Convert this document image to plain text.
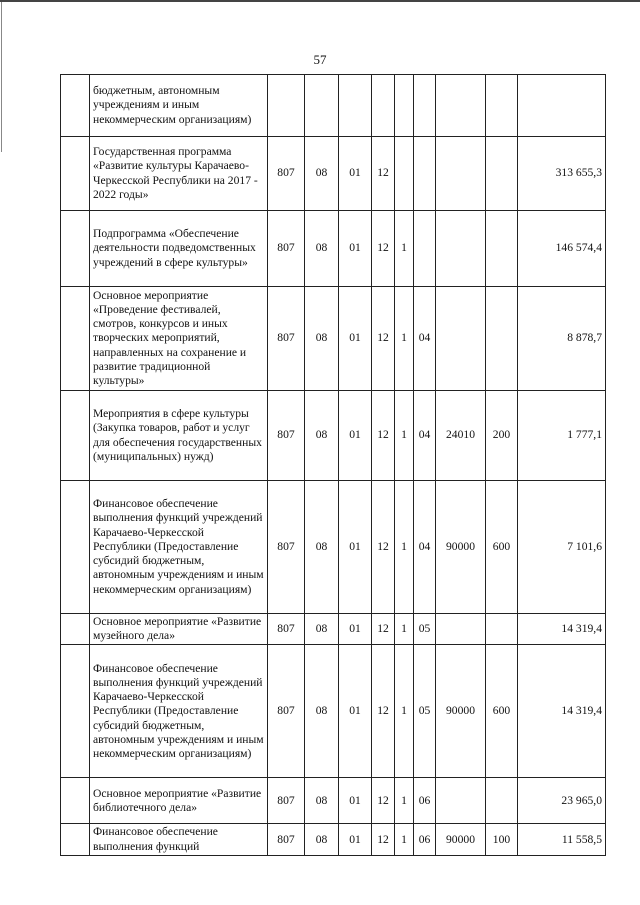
57
	бюджетным, автономным учреждениям и иным некоммерческим организациям)									
	Государственная программа «Развитие культуры Карачаево-Черкесской Республики на 2017 - 2022 годы»	807	08	01	12					313 655,3
	Подпрограмма «Обеспечение деятельности подведомственных учреждений в сфере культуры»	807	08	01	12	1				146 574,4
	Основное мероприятие «Проведение фестивалей, смотров, конкурсов и иных творческих мероприятий, направленных на сохранение и развитие традиционной культуры»	807	08	01	12	1	04			8 878,7
	Мероприятия в сфере культуры (Закупка товаров, работ и услуг для обеспечения государственных (муниципальных) нужд)	807	08	01	12	1	04	24010	200	1 777,1
	Финансовое обеспечение выполнения функций учреждений Карачаево-Черкесской Республики (Предоставление субсидий бюджетным, автономным учреждениям и иным некоммерческим организациям)	807	08	01	12	1	04	90000	600	7 101,6
	Основное мероприятие «Развитие музейного дела»	807	08	01	12	1	05			14 319,4
	Финансовое обеспечение выполнения функций учреждений Карачаево-Черкесской Республики (Предоставление субсидий бюджетным, автономным учреждениям и иным некоммерческим организациям)	807	08	01	12	1	05	90000	600	14 319,4
	Основное мероприятие «Развитие библиотечного дела»	807	08	01	12	1	06			23 965,0
	Финансовое обеспечение выполнения функций	807	08	01	12	1	06	90000	100	11 558,5
